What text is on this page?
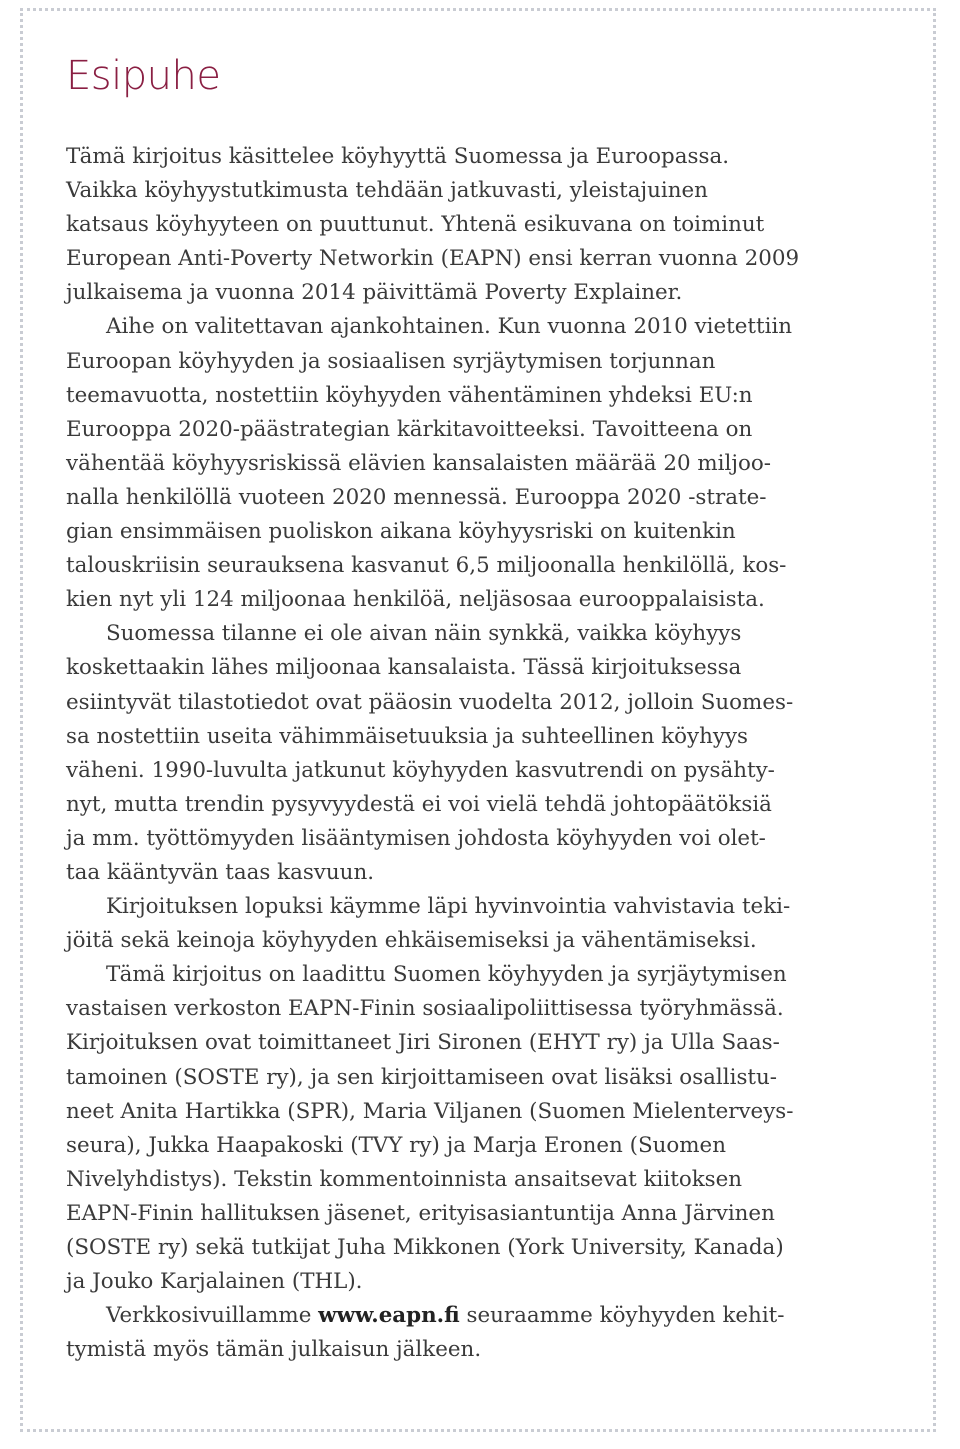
Esipuhe
Tämä kirjoitus käsittelee köyhyyttä Suomessa ja Euroopassa.
Vaikka köyhyystutkimusta tehdään jatkuvasti, yleistajuinen
katsaus köyhyyteen on puuttunut. Yhtenä esikuvana on toiminut
European Anti-Poverty Networkin (EAPN) ensi kerran vuonna 2009
julkaisema ja vuonna 2014 päivittämä Poverty Explainer.
Aihe on valitettavan ajankohtainen. Kun vuonna 2010 vietettiin
Euroopan köyhyyden ja sosiaalisen syrjäytymisen torjunnan
teemavuotta, nostettiin köyhyyden vähentäminen yhdeksi EU:n
Eurooppa 2020-päästrategian kärkitavoitteeksi. Tavoitteena on
vähentää köyhyysriskissä elävien kansalaisten määrää 20 miljoo-
nalla henkilöllä vuoteen 2020 mennessä. Eurooppa 2020 -strate-
gian ensimmäisen puoliskon aikana köyhyysriski on kuitenkin
talouskriisin seurauksena kasvanut 6,5 miljoonalla henkilöllä, kos-
kien nyt yli 124 miljoonaa henkilöä, neljäsosaa eurooppalaisista.
Suomessa tilanne ei ole aivan näin synkkä, vaikka köyhyys
koskettaakin lähes miljoonaa kansalaista. Tässä kirjoituksessa
esiintyvät tilastotiedot ovat pääosin vuodelta 2012, jolloin Suomes-
sa nostettiin useita vähimmäisetuuksia ja suhteellinen köyhyys
väheni. 1990-luvulta jatkunut köyhyyden kasvutrendi on pysähty-
nyt, mutta trendin pysyvyydestä ei voi vielä tehdä johtopäätöksiä
ja mm. työttömyyden lisääntymisen johdosta köyhyyden voi olet-
taa kääntyvän taas kasvuun.
Kirjoituksen lopuksi käymme läpi hyvinvointia vahvistavia teki-
jöitä sekä keinoja köyhyyden ehkäisemiseksi ja vähentämiseksi.
Tämä kirjoitus on laadittu Suomen köyhyyden ja syrjäytymisen
vastaisen verkoston EAPN-Finin sosiaalipoliittisessa työryhmässä.
Kirjoituksen ovat toimittaneet Jiri Sironen (EHYT ry) ja Ulla Saas-
tamoinen (SOSTE ry), ja sen kirjoittamiseen ovat lisäksi osallistu-
neet Anita Hartikka (SPR), Maria Viljanen (Suomen Mielenterveys-
seura), Jukka Haapakoski (TVY ry) ja Marja Eronen (Suomen
Nivelyhdistys). Tekstin kommentoinnista ansaitsevat kiitoksen
EAPN-Finin hallituksen jäsenet, erityisasiantuntija Anna Järvinen
(SOSTE ry) sekä tutkijat Juha Mikkonen (York University, Kanada)
ja Jouko Karjalainen (THL).
Verkkosivuillamme www.eapn.fi seuraamme köyhyyden kehit-
tymistä myös tämän julkaisun jälkeen.
